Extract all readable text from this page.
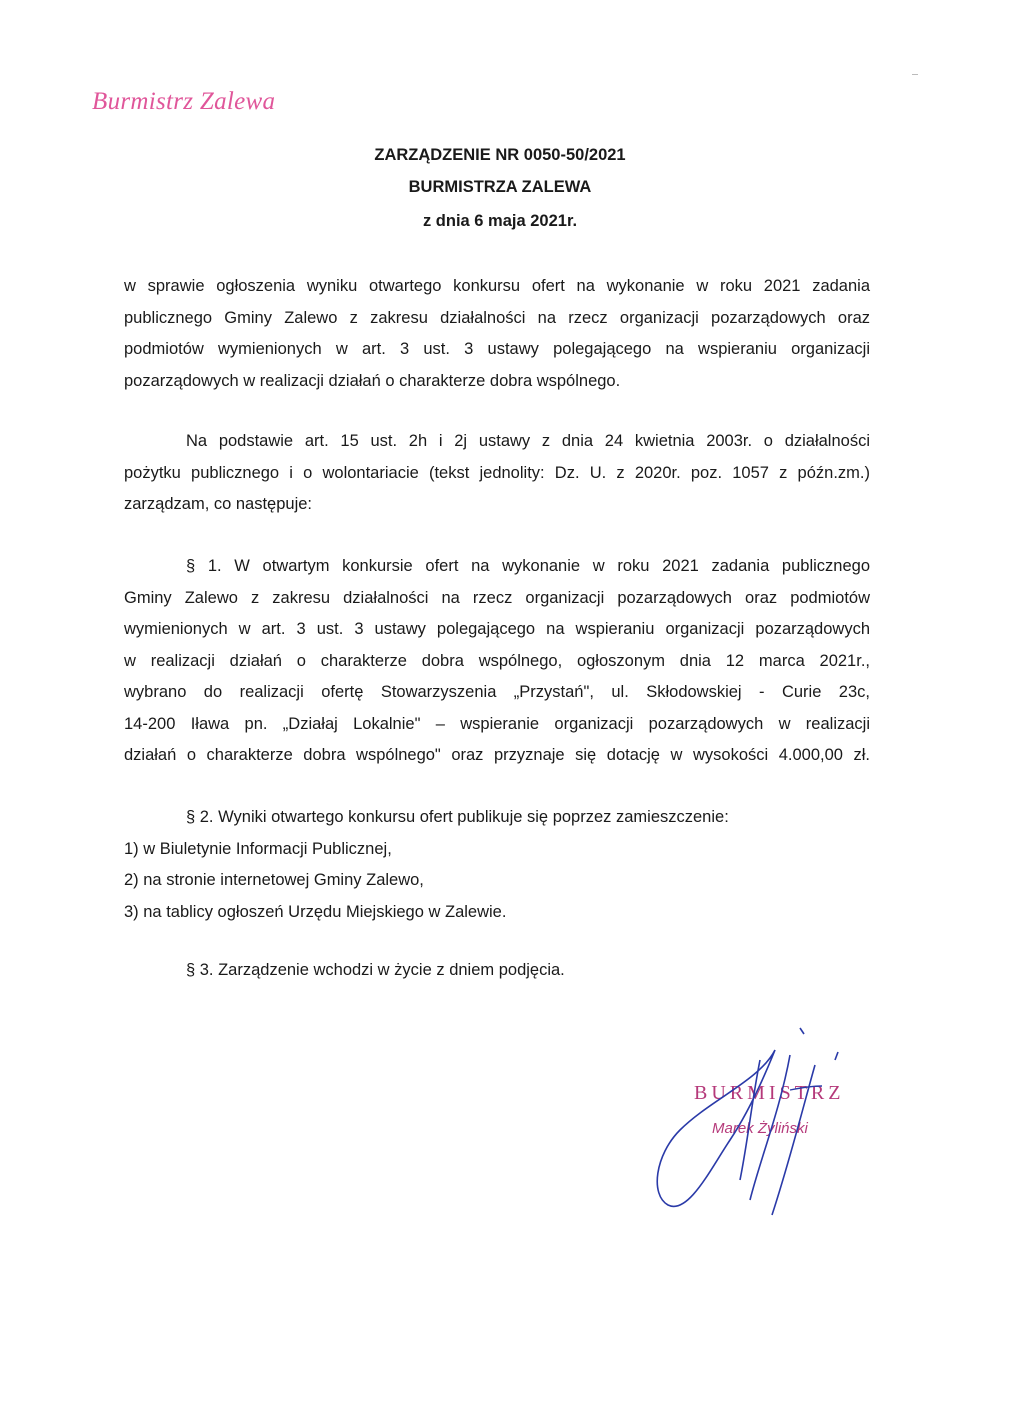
Burmistrz Zalewa
ZARZĄDZENIE NR 0050-50/2021
BURMISTRZA ZALEWA
z dnia 6 maja 2021r.
w sprawie ogłoszenia wyniku otwartego konkursu ofert na wykonanie w roku 2021 zadania
publicznego Gminy Zalewo z zakresu działalności na rzecz organizacji pozarządowych oraz
podmiotów wymienionych w art. 3 ust. 3 ustawy polegającego na wspieraniu organizacji
pozarządowych w realizacji działań o charakterze dobra wspólnego.
Na podstawie art. 15 ust. 2h i 2j ustawy z dnia 24 kwietnia 2003r. o działalności
pożytku publicznego i o wolontariacie (tekst jednolity: Dz. U. z 2020r. poz. 1057 z późn.zm.)
zarządzam, co następuje:
§ 1. W otwartym konkursie ofert na wykonanie w roku 2021 zadania publicznego
Gminy Zalewo z zakresu działalności na rzecz organizacji pozarządowych oraz podmiotów
wymienionych w art. 3 ust. 3 ustawy polegającego na wspieraniu organizacji pozarządowych
w realizacji działań o charakterze dobra wspólnego, ogłoszonym dnia 12 marca 2021r.,
wybrano do realizacji ofertę Stowarzyszenia „Przystań", ul. Skłodowskiej - Curie 23c,
14-200 Iława pn. „Działaj Lokalnie" – wspieranie organizacji pozarządowych w realizacji
działań o charakterze dobra wspólnego" oraz przyznaje się dotację w wysokości 4.000,00 zł.
§ 2. Wyniki otwartego konkursu ofert publikuje się poprzez zamieszczenie:
1) w Biuletynie Informacji Publicznej,
2) na stronie internetowej Gminy Zalewo,
3) na tablicy ogłoszeń Urzędu Miejskiego w Zalewie.
§ 3. Zarządzenie wchodzi w życie z dniem podjęcia.
BURMISTRZ
Marek Żyliński
